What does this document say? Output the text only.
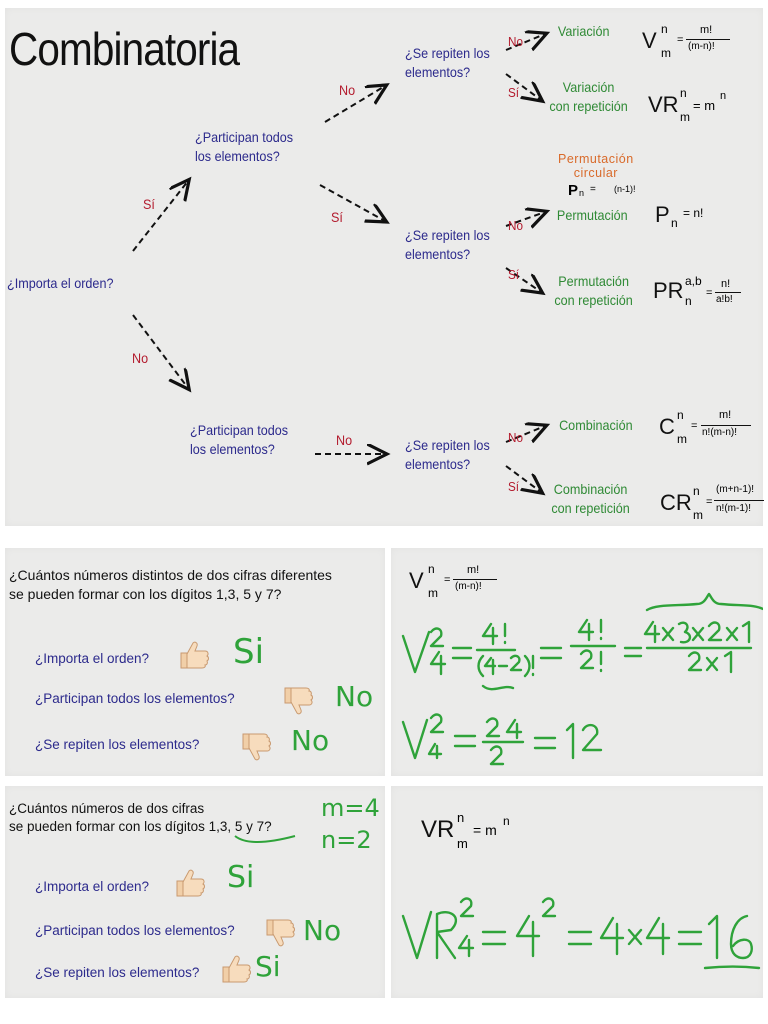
Combinatoria
¿Importa el orden?
Sí
No
¿Participan todos
los elementos?
¿Participan todos
los elementos?
No
Sí
No
¿Se repiten los
elementos?
¿Se repiten los
elementos?
¿Se repiten los
elementos?
No
Sí
No
Sí
No
Sí
Variación
Variación
con repetición
Permutación
circular
Permutación
Permutación
con repetición
Combinación
Combinación
con repetición
V n
m
=
m!
(m-n)!
VR n
m
= m
n
P n = (n-1)!
P n
= n!
PR a,b
n
=
n!
a!b!
C n
m
=
m!
n!(m-n)!
CR n
m
=
(m+n-1)!
n!(m-1)!
¿Cuántos números distintos de dos cifras diferentes
se pueden formar con los dígitos 1,3, 5 y 7?
¿Importa el orden?
¿Participan todos los elementos?
¿Se repiten los elementos?
Si
No
No
V n
m
=
m!
(m-n)!
¿Cuántos números de dos cifras
se pueden formar con los dígitos 1,3, 5 y 7?
m=4
n=2
¿Importa el orden?
¿Participan todos los elementos?
¿Se repiten los elementos?
Si
No
Si
VR n
m
= m
n
